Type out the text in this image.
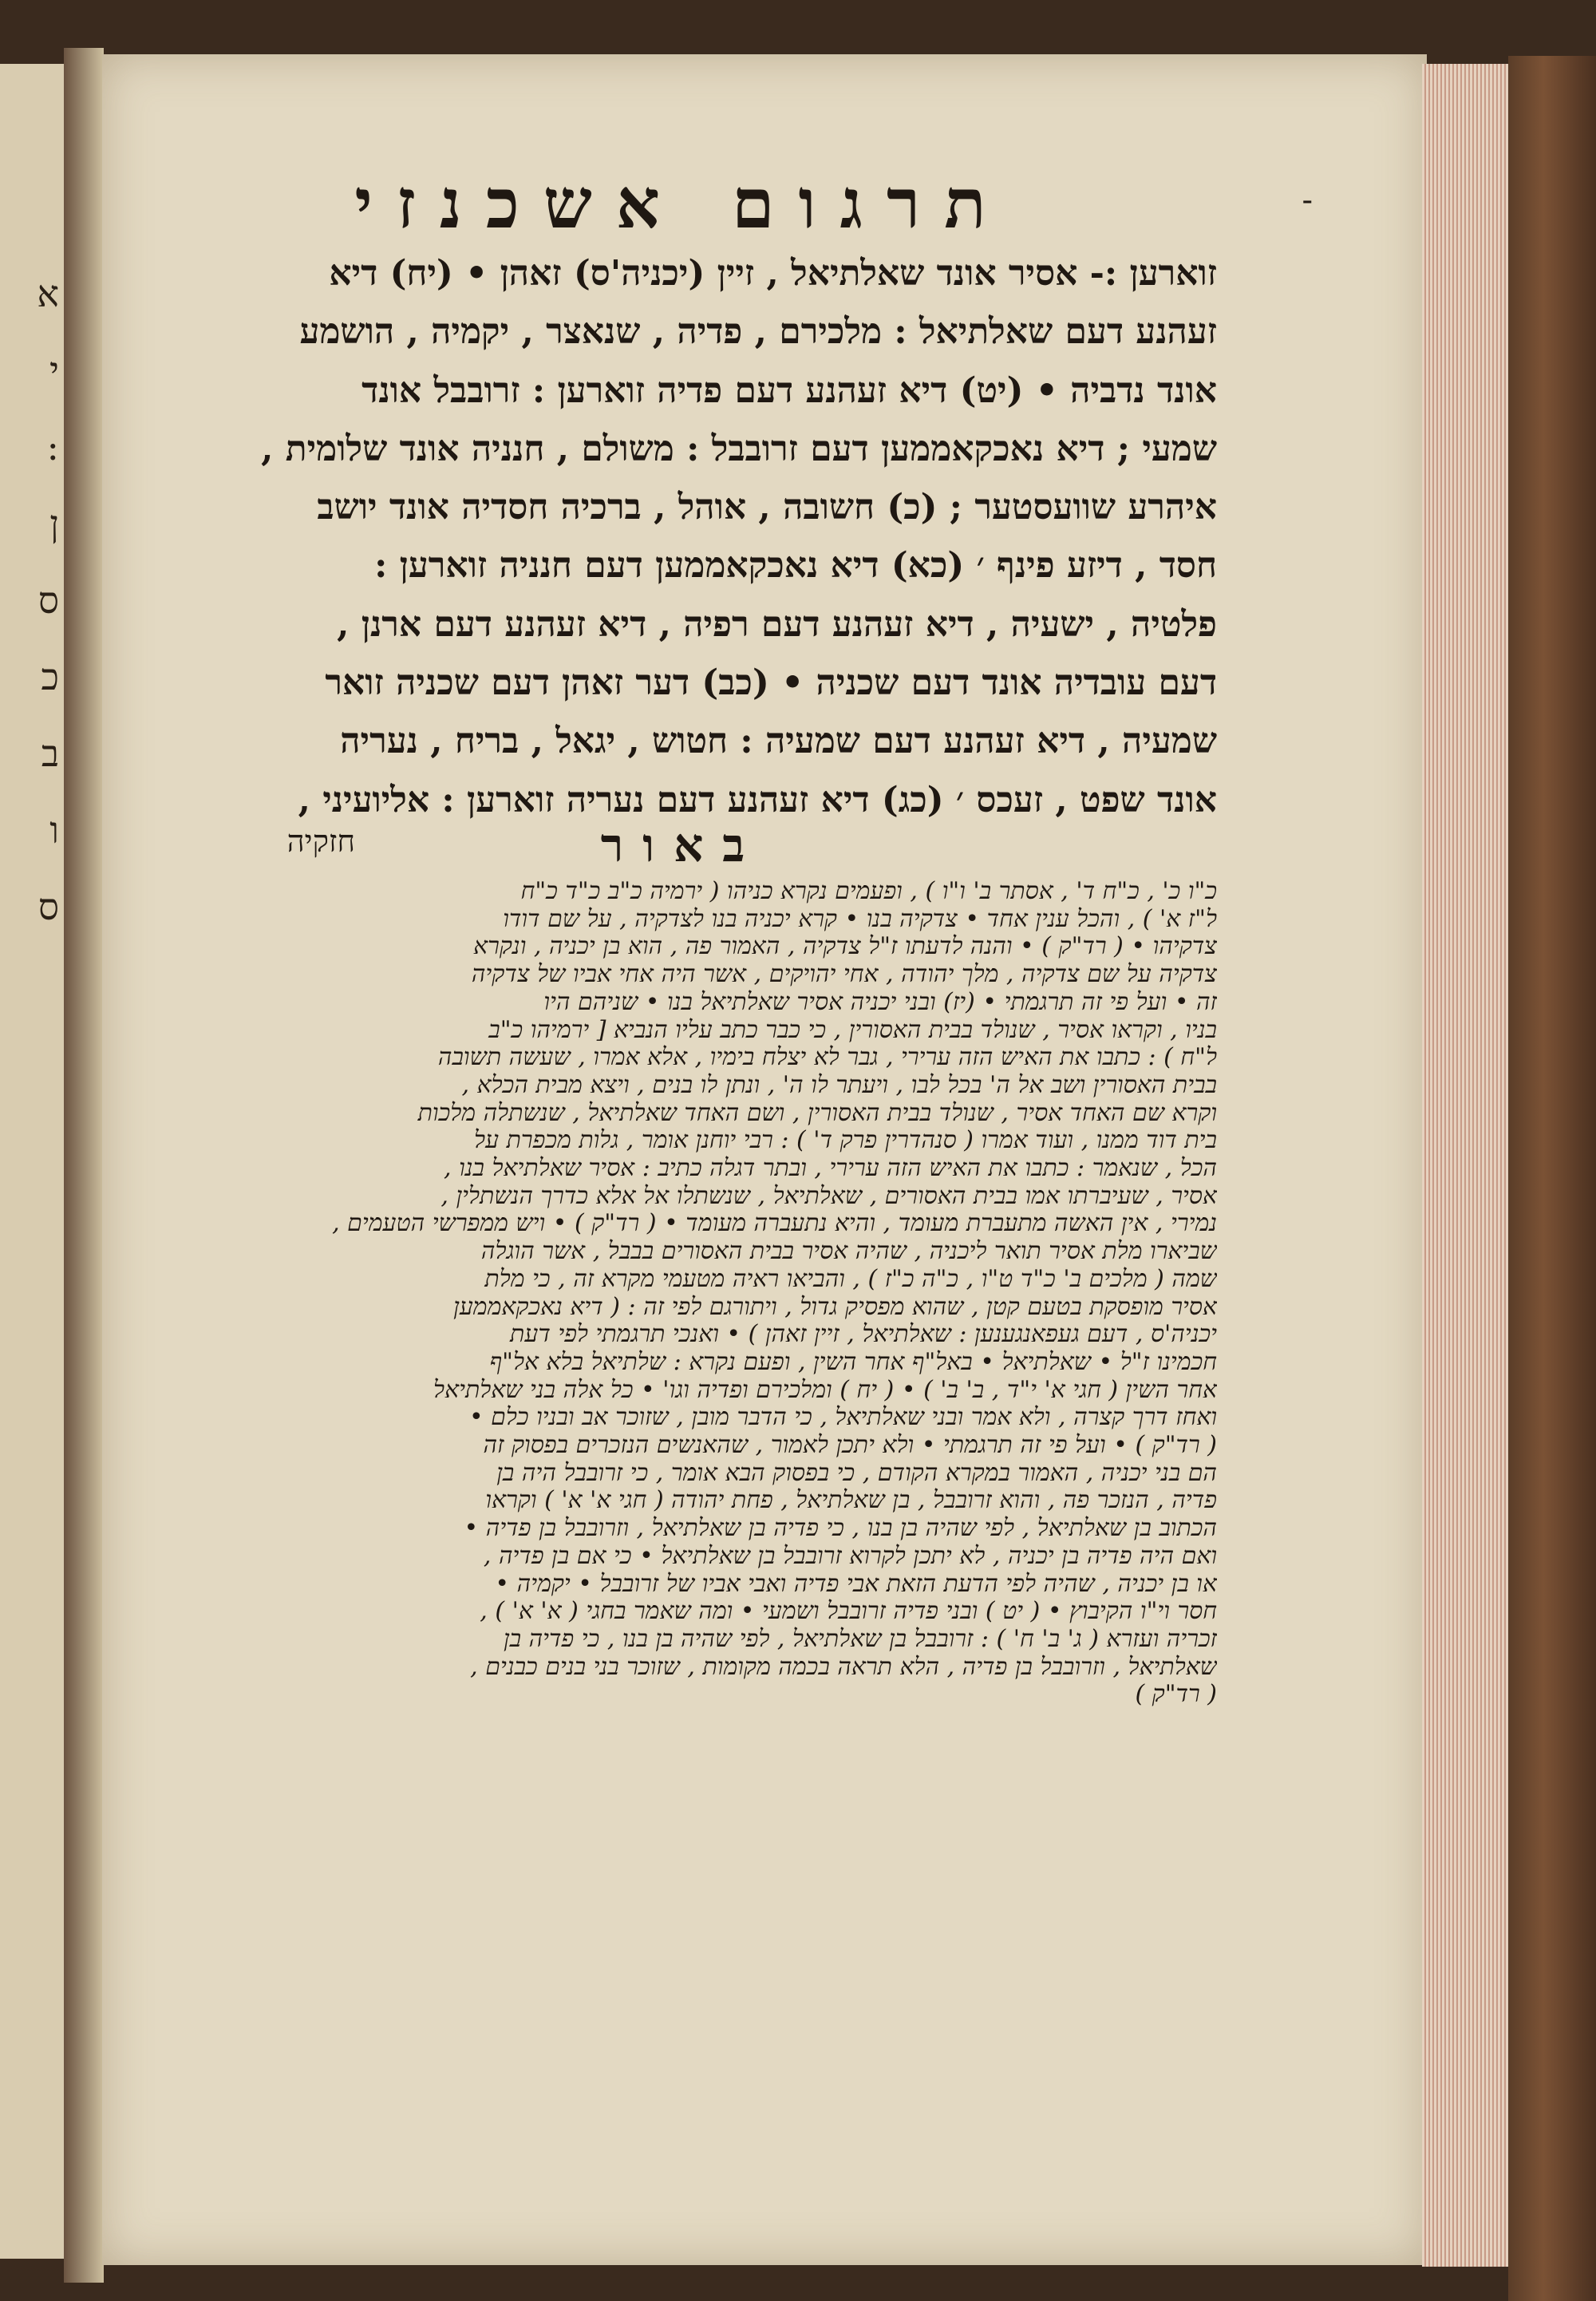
א
י
:
ן
ס
כ
ב
ו
ס
תרגום אשכנזי	-
זוארען :- אסיר אונד שאלתיאל , זיין (יכניה'ס) זאהן • (יח) דיא
זעהנע דעם שאלתיאל : מלכירם , פדיה , שנאצר , יקמיה , הושמע
אונד נדביה • (יט) דיא זעהנע דעם פדיה זוארען : זרובבל אונד
שמעי ; דיא נאכקאממען דעם זרובבל : משולם , חנניה אונד שלומית ,
איהרע שוועסטער ; (כ) חשובה , אוהל , ברכיה חסדיה אונד יושב
חסד , דיזע פינף ׳ (כא) דיא נאכקאממען דעם חנניה זוארען :
פלטיה , ישעיה , דיא זעהנע דעם רפיה , דיא זעהנע דעם ארנן ,
דעם עובדיה אונד דעם שכניה • (כב) דער זאהן דעם שכניה זואר
שמעיה , דיא זעהנע דעם שמעיה : חטוש , יגאל , בריח , נעריה
אונד שפט , זעכס ׳ (כג) דיא זעהנע דעם נעריה זוארען : אליועיני ,
באור
חזקיה
כ"ו כ' , כ"ח ד' , אסתר ב' ו"ו ) , ופעמים נקרא כניהו ( ירמיה כ"ב כ"ד כ"ח
ל"ז א' ) , והכל ענין אחד • צדקיה בנו • קרא יכניה בנו לצדקיה , על שם דודו
צדקיהו • ( רד"ק ) • והנה לדעתו ז"ל צדקיה , האמור פה , הוא בן יכניה , ונקרא
צדקיה על שם צדקיה , מלך יהודה , אחי יהויקים , אשר היה אחי אביו של צדקיה
זה • ועל פי זה תרגמתי • (יז) ובני יכניה אסיר שאלתיאל בנו • שניהם היו
בניו , וקראו אסיר , שנולד בבית האסורין , כי כבר כתב עליו הנביא [ ירמיהו כ"ב
ל"ח ) : כתבו את האיש הזה ערירי , גבר לא יצלח בימיו , אלא אמרו , שעשה תשובה
בבית האסורין ושב אל ה' בכל לבו , ויעתר לו ה' , ונתן לו בנים , ויצא מבית הכלא ,
וקרא שם האחד אסיר , שנולד בבית האסורין , ושם האחד שאלתיאל , שנשתלה מלכות
בית דוד ממנו , ועוד אמרו ( סנהדרין פרק ד' ) : רבי יוחנן אומר , גלות מכפרת על
הכל , שנאמר : כתבו את האיש הזה ערירי , ובתר דגלה כתיב : אסיר שאלתיאל בנו ,
אסיר , שעיברתו אמו בבית האסורים , שאלתיאל , שנשתלו אל אלא כדרך הנשתלין ,
נמירי , אין האשה מתעברת מעומד , והיא נתעברה מעומד • ( רד"ק ) • ויש ממפרשי הטעמים ,
שביארו מלת אסיר תואר ליכניה , שהיה אסיר בבית האסורים בבבל , אשר הוגלה
שמה ( מלכים ב' כ"ד ט"ו , כ"ה כ"ז ) , והביאו ראיה מטעמי מקרא זה , כי מלת
אסיר מופסקת בטעם קטן , שהוא מפסיק גדול , ויתורגם לפי זה : ( דיא נאכקאממען
יכניה'ס , דעם געפאנגענען : שאלתיאל , זיין זאהן ) • ואנכי תרגמתי לפי דעת
חכמינו ז"ל • שאלתיאל • באל"ף אחר השין , ופעם נקרא : שלתיאל בלא אל"ף
אחר השין ( חגי א' י"ד , ב' ב' ) • ( יח ) ומלכירם ופדיה וגו' • כל אלה בני שאלתיאל
ואחז דרך קצרה , ולא אמר ובני שאלתיאל , כי הדבר מובן , שזוכר אב ובניו כלם •
( רד"ק ) • ועל פי זה תרגמתי • ולא יתכן לאמור , שהאנשים הנזכרים בפסוק זה
הם בני יכניה , האמור במקרא הקודם , כי בפסוק הבא אומר , כי זרובבל היה בן
פדיה , הנזכר פה , והוא זרובבל , בן שאלתיאל , פחת יהודה ( חגי א' א' ) וקראו
הכתוב בן שאלתיאל , לפי שהיה בן בנו , כי פדיה בן שאלתיאל , וזרובבל בן פדיה •
ואם היה פדיה בן יכניה , לא יתכן לקרוא זרובבל בן שאלתיאל • כי אם בן פדיה ,
או בן יכניה , שהיה לפי הדעת הזאת אבי פדיה ואבי אביו של זרובבל • יקמיה •
חסר וי"ו הקיבוץ • ( יט ) ובני פדיה זרובבל ושמעי • ומה שאמר בחגי ( א' א' ) ,
זכריה ועזרא ( ג' ב' ח' ) : זרובבל בן שאלתיאל , לפי שהיה בן בנו , כי פדיה בן
שאלתיאל , וזרובבל בן פדיה , הלא תראה בכמה מקומות , שזוכר בני בנים כבנים ,
( רד"ק )
